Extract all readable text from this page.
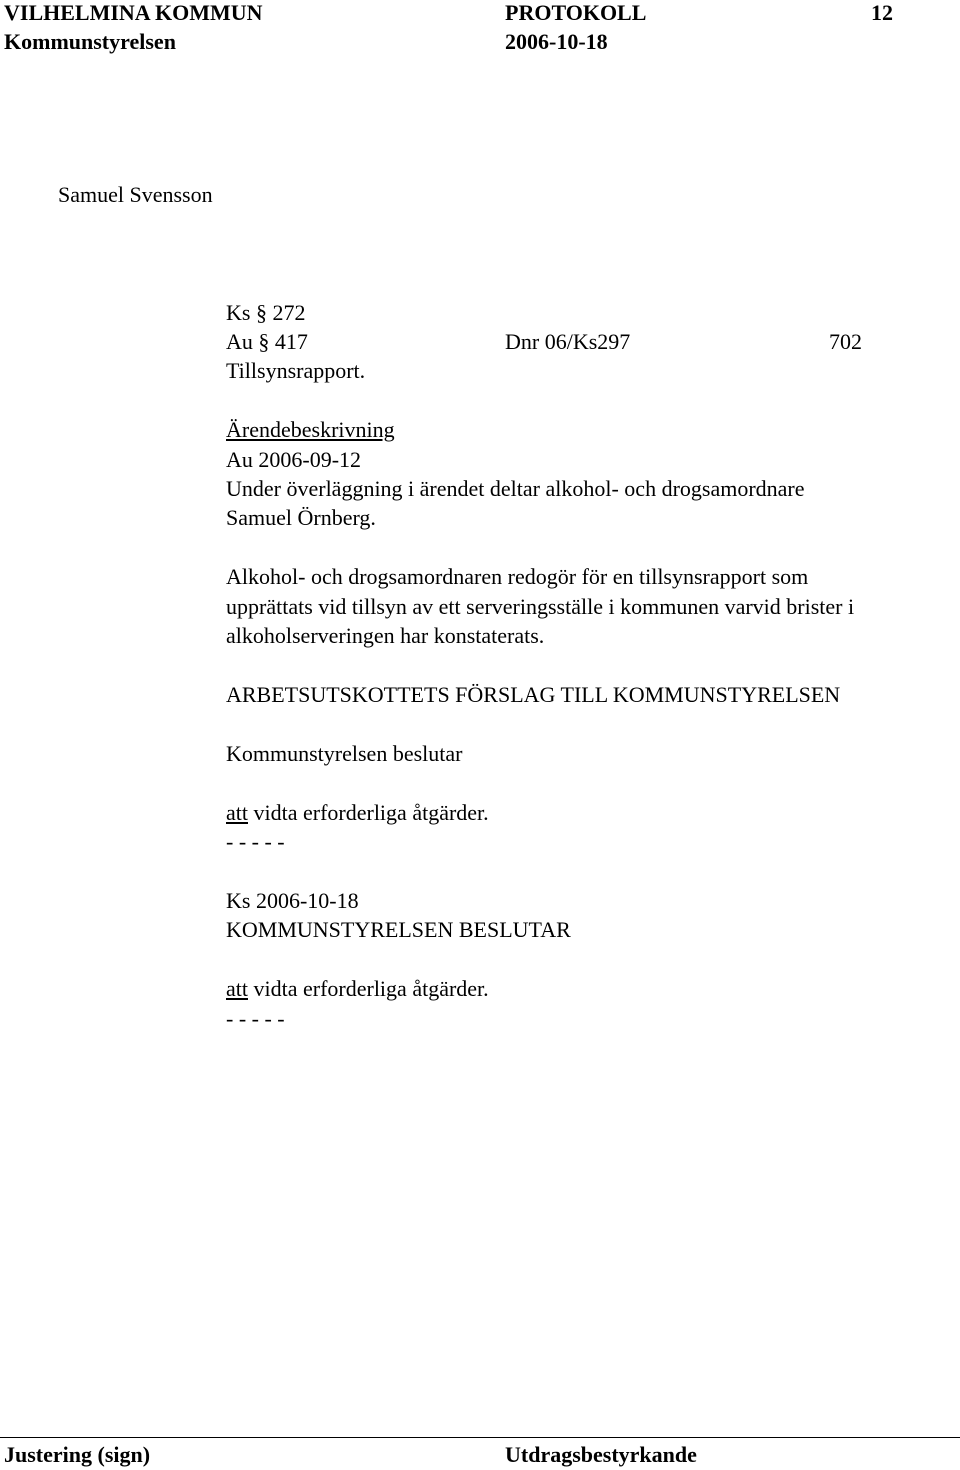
VILHELMINA KOMMUN	PROTOKOLL	12
Kommunstyrelsen	2006-10-18
Samuel Svensson
Ks § 272
Au § 417	Dnr 06/Ks297	702
Tillsynsrapport.
Ärendebeskrivning
Au 2006-09-12
Under överläggning i ärendet deltar alkohol- och drogsamordnare
Samuel Örnberg.
Alkohol- och drogsamordnaren redogör för en tillsynsrapport som
upprättats vid tillsyn av ett serveringsställe i kommunen varvid brister i
alkoholserveringen har konstaterats.
ARBETSUTSKOTTETS FÖRSLAG TILL KOMMUNSTYRELSEN
Kommunstyrelsen beslutar
att vidta erforderliga åtgärder.
- - - - -
Ks 2006-10-18
KOMMUNSTYRELSEN BESLUTAR
att vidta erforderliga åtgärder.
- - - - -
Justering (sign)	Utdragsbestyrkande
